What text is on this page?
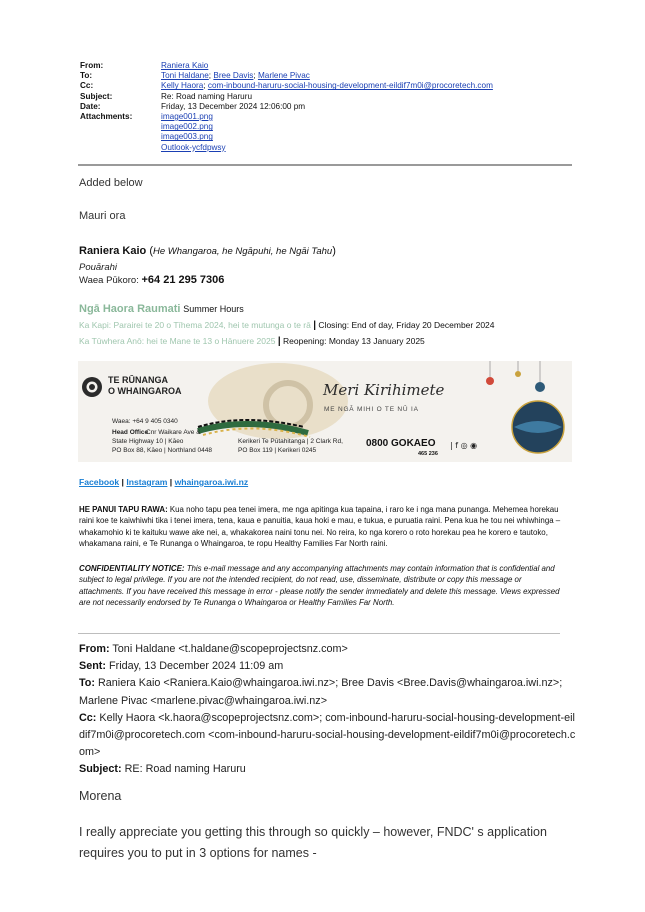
From:	Raniera Kaio
To:	Toni Haldane; Bree Davis; Marlene Pivac
Cc:	Kelly Haora; com-inbound-haruru-social-housing-development-eildif7m0i@procoretech.com
Subject:	Re: Road naming Haruru
Date:	Friday, 13 December 2024 12:06:00 pm
Attachments:	image001.png
image002.png
image003.png
Outlook-ycfdpwsy
Added below
Mauri ora
Raniera Kaio (He Whangaroa, he Ngāpuhi, he Ngāi Tahu)
Pouārahi
Waea Pūkoro: +64 21 295 7306
Ngā Haora Raumati Summer Hours
Ka Kapi: Parairei te 20 o Tīhema 2024, hei te mutunga o te rā | Closing: End of day, Friday 20 December 2024
Ka Tūwhera Anō: hei te Mane te 13 o Hānuere 2025 | Reopening: Monday 13 January 2025
TE RŪNANGA
O WHAINGAROA	Meri Kirihimete
ME NGĀ MIHI O TE NŪ IA
Waea: +64 9 405 0340
Head Office
Cnr Waikare Ave &
State Highway 10 | Kāeo
PO Box 88, Kāeo | Northland 0448
Kerikeri Te Pūtahitanga | 2 Clark Rd,
PO Box 119 | Kerikeri 0245
0800 GOKAEO
465 236
| f ◎ ◉
Facebook | Instagram | whaingaroa.iwi.nz
HE PANUI TAPU RAWA: Kua noho tapu pea tenei imera, me nga apitinga kua tapaina, i raro ke i nga mana punanga. Mehemea horekau raini koe te kaiwhiwhi tika i tenei imera, tena, kaua e panuitia, kaua hoki e mau, e tukua, e puruatia raini. Pena kua he tou nei whiwhinga – whakamohio ki te kaituku wawe ake nei, a, whakakorea naini tonu nei. No reira, ko nga korero o roto horekau pea he korero e tautoko, whakamana raini, e Te Runanga o Whaingaroa, te ropu Healthy Families Far North raini.
CONFIDENTIALITY NOTICE: This e-mail message and any accompanying attachments may contain information that is confidential and subject to legal privilege. If you are not the intended recipient, do not read, use, disseminate, distribute or copy this message or attachments. If you have received this message in error - please notify the sender immediately and delete this message. Views expressed are not necessarily endorsed by Te Runanga o Whaingaroa or Healthy Families Far North.
From: Toni Haldane <t.haldane@scopeprojectsnz.com>
Sent: Friday, 13 December 2024 11:09 am
To: Raniera Kaio <Raniera.Kaio@whaingaroa.iwi.nz>; Bree Davis <Bree.Davis@whaingaroa.iwi.nz>; Marlene Pivac <marlene.pivac@whaingaroa.iwi.nz>
Cc: Kelly Haora <k.haora@scopeprojectsnz.com>; com-inbound-haruru-social-housing-development-eildif7m0i@procoretech.com <com-inbound-haruru-social-housing-development-eildif7m0i@procoretech.com>
Subject: RE: Road naming Haruru
Morena
I really appreciate you getting this through so quickly – however, FNDC' s application requires you to put in 3 options for names -
